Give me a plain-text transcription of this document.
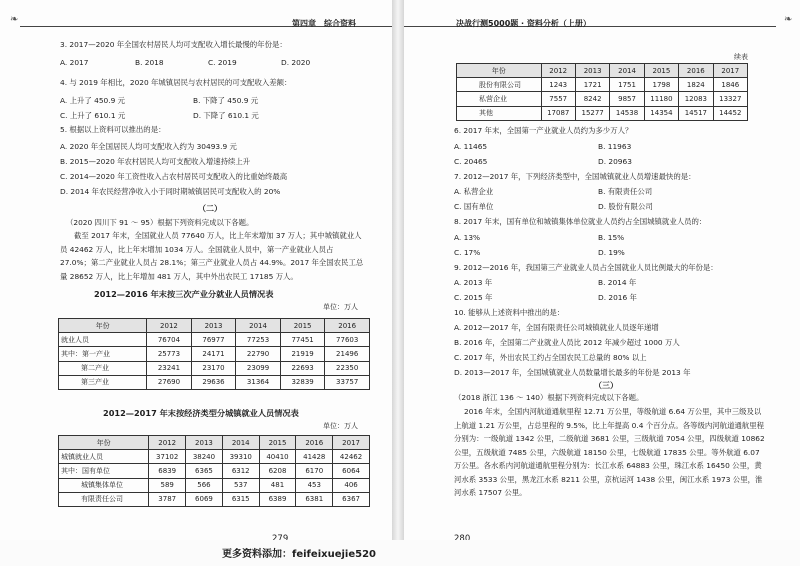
❧	第四章 综合资料
3. 2017—2020 年全国农村居民人均可支配收入增长最慢的年份是：
A. 2017	B. 2018	C. 2019	D. 2020
4. 与 2019 年相比，2020 年城镇居民与农村居民的可支配收入差额：
A. 上升了 450.9 元	B. 下降了 450.9 元
C. 上升了 610.1 元	D. 下降了 610.1 元
5. 根据以上资料可以推出的是：
A. 2020 年全国居民人均可支配收入约为 30493.9 元
B. 2015—2020 年农村居民人均可支配收入增速持续上升
C. 2014—2020 年工资性收入占农村居民可支配收入的比重始终最高
D. 2014 年农民经营净收入小于同时期城镇居民可支配收入的 20%
（二）
（2020 四川下 91 ～ 95）根据下列资料完成以下各题。
截至 2017 年末，全国就业人员 77640 万人，比上年末增加 37 万人；其中城镇就业人员 42462 万人，比上年末增加 1034 万人。全国就业人员中，第一产业就业人员占 27.0%；第二产业就业人员占 28.1%；第三产业就业人员占 44.9%。2017 年全国农民工总量 28652 万人，比上年增加 481 万人，其中外出农民工 17185 万人。
2012—2016 年末按三次产业分就业人员情况表
单位：万人
年份	2012	2013	2014	2015	2016
就业人员	76704	76977	77253	77451	77603
其中：第一产业	25773	24171	22790	21919	21496
第二产业	23241	23170	23099	22693	22350
第三产业	27690	29636	31364	32839	33757
2012—2017 年末按经济类型分城镇就业人员情况表
单位：万人
年份	2012	2013	2014	2015	2016	2017
城镇就业人员	37102	38240	39310	40410	41428	42462
其中：国有单位	6839	6365	6312	6208	6170	6064
城镇集体单位	589	566	537	481	453	406
有限责任公司	3787	6069	6315	6389	6381	6367
279
决战行测5000题 · 资料分析（上册）	❧
续表
年份	2012	2013	2014	2015	2016	2017
股份有限公司	1243	1721	1751	1798	1824	1846
私营企业	7557	8242	9857	11180	12083	13327
其他	17087	15277	14538	14354	14517	14452
6. 2017 年末，全国第一产业就业人员约为多少万人？
A. 11465	B. 11963
C. 20465	D. 20963
7. 2012—2017 年，下列经济类型中，全国城镇就业人员增速最快的是：
A. 私营企业	B. 有限责任公司
C. 国有单位	D. 股份有限公司
8. 2017 年末，国有单位和城镇集体单位就业人员约占全国城镇就业人员的：
A. 13%	B. 15%
C. 17%	D. 19%
9. 2012—2016 年，我国第三产业就业人员占全国就业人员比例最大的年份是：
A. 2013 年	B. 2014 年
C. 2015 年	D. 2016 年
10. 能够从上述资料中推出的是：
A. 2012—2017 年，全国有限责任公司城镇就业人员逐年递增
B. 2016 年，全国第二产业就业人员比 2012 年减少超过 1000 万人
C. 2017 年，外出农民工约占全国农民工总量的 80% 以上
D. 2013—2017 年，全国城镇就业人员数量增长最多的年份是 2013 年
（三）
（2018 浙江 136 ～ 140）根据下列资料完成以下各题。
2016 年末，全国内河航道通航里程 12.71 万公里，等级航道 6.64 万公里，其中三级及以上航道 1.21 万公里，占总里程的 9.5%，比上年提高 0.4 个百分点。各等级内河航道通航里程分别为：一级航道 1342 公里，二级航道 3681 公里，三级航道 7054 公里，四级航道 10862 公里，五级航道 7485 公里，六级航道 18150 公里，七级航道 17835 公里。等外航道 6.07 万公里。各水系内河航道通航里程分别为：长江水系 64883 公里，珠江水系 16450 公里，黄河水系 3533 公里，黑龙江水系 8211 公里，京杭运河 1438 公里，闽江水系 1973 公里，淮河水系 17507 公里。
280
更多资料添加：feifeixuejie520
